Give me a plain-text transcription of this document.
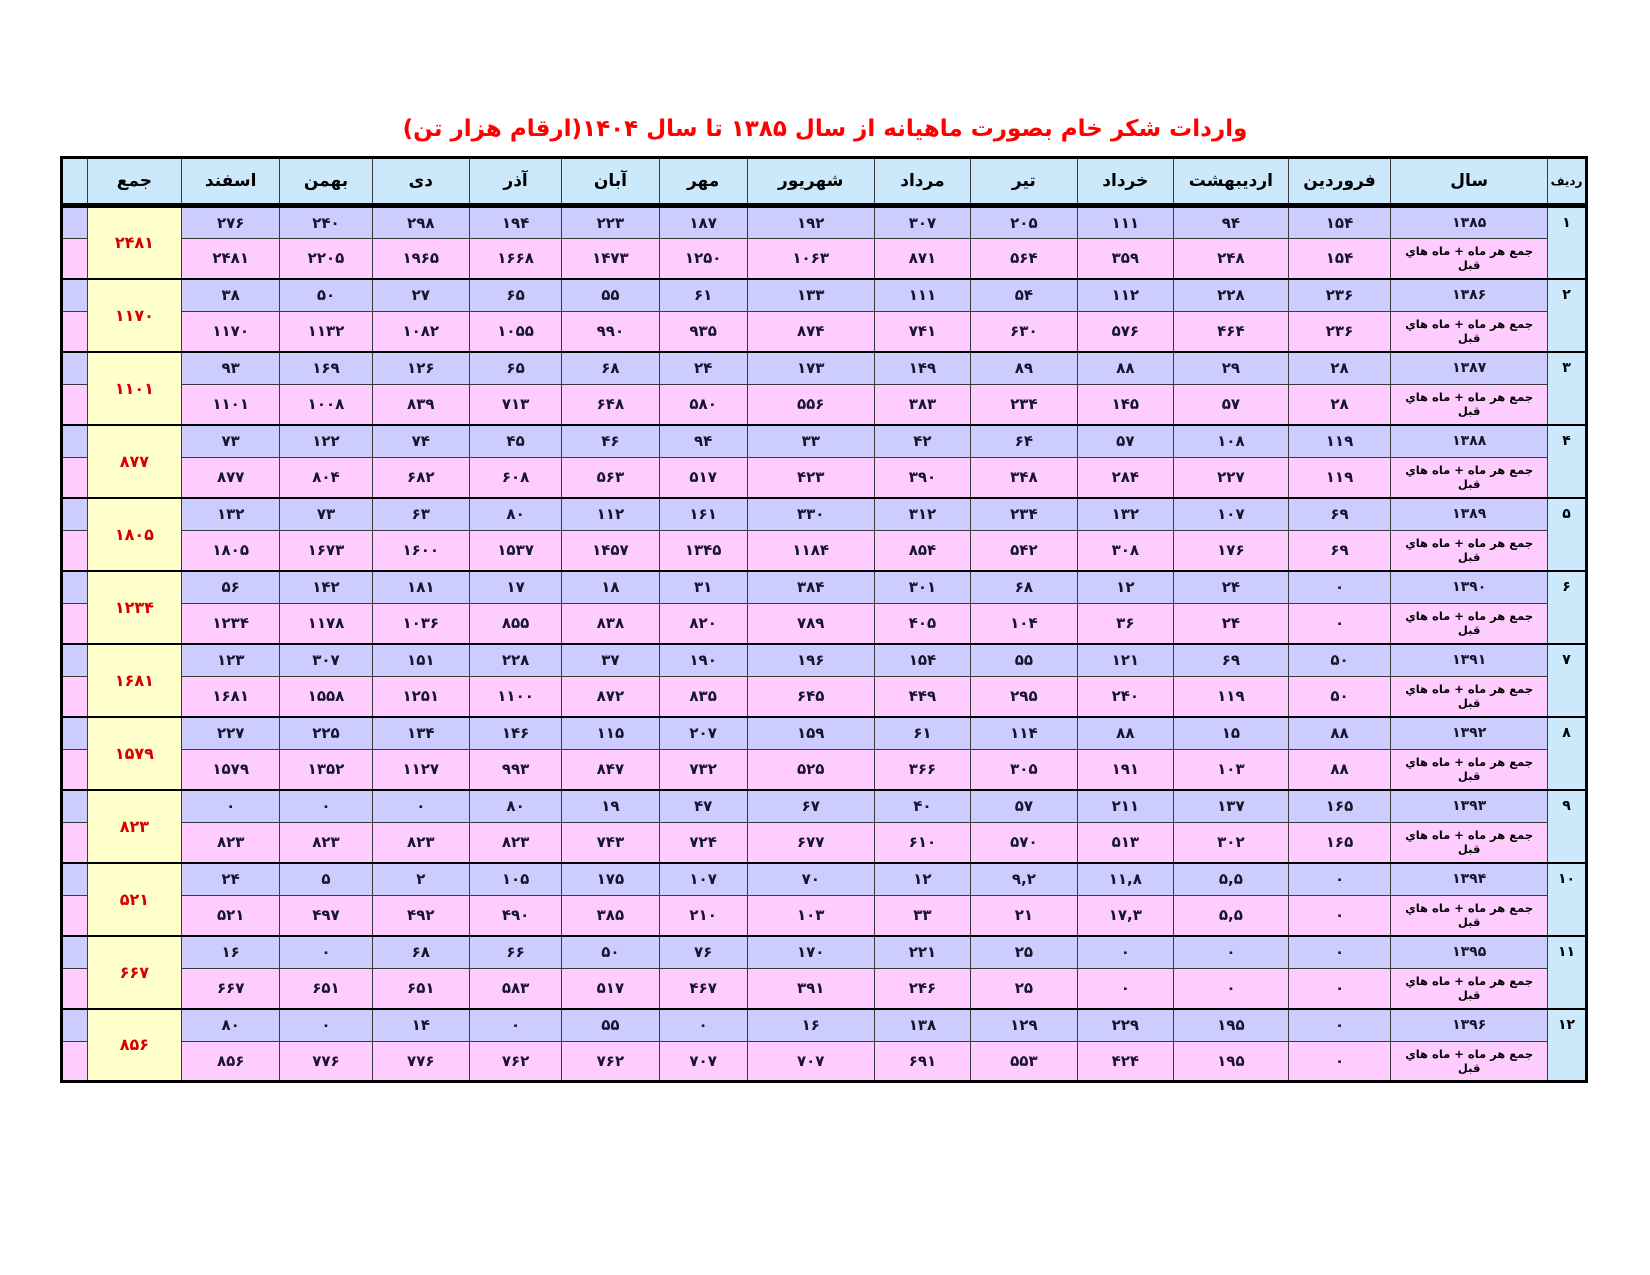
واردات شكر خام بصورت ماهيانه از سال ۱۳۸۵ تا سال ۱۴۰۴(ارقام هزار تن)
رديف	سال	فروردين	ارديبهشت	خرداد	تير	مرداد	شهريور	مهر	آبان	آذر	دى	بهمن	اسفند	جمع	
۱	۱۳۸۵	۱۵۴	۹۴	۱۱۱	۲۰۵	۳۰۷	۱۹۲	۱۸۷	۲۲۳	۱۹۴	۲۹۸	۲۴۰	۲۷۶	۲۴۸۱	
	جمع هر ماه + ماه هاي قبل	۱۵۴	۲۴۸	۳۵۹	۵۶۴	۸۷۱	۱۰۶۳	۱۲۵۰	۱۴۷۳	۱۶۶۸	۱۹۶۵	۲۲۰۵	۲۴۸۱		
۲	۱۳۸۶	۲۳۶	۲۲۸	۱۱۲	۵۴	۱۱۱	۱۳۳	۶۱	۵۵	۶۵	۲۷	۵۰	۳۸	۱۱۷۰	
	جمع هر ماه + ماه هاي قبل	۲۳۶	۴۶۴	۵۷۶	۶۳۰	۷۴۱	۸۷۴	۹۳۵	۹۹۰	۱۰۵۵	۱۰۸۲	۱۱۳۲	۱۱۷۰		
۳	۱۳۸۷	۲۸	۲۹	۸۸	۸۹	۱۴۹	۱۷۳	۲۴	۶۸	۶۵	۱۲۶	۱۶۹	۹۳	۱۱۰۱	
	جمع هر ماه + ماه هاي قبل	۲۸	۵۷	۱۴۵	۲۳۴	۳۸۳	۵۵۶	۵۸۰	۶۴۸	۷۱۳	۸۳۹	۱۰۰۸	۱۱۰۱		
۴	۱۳۸۸	۱۱۹	۱۰۸	۵۷	۶۴	۴۲	۳۳	۹۴	۴۶	۴۵	۷۴	۱۲۲	۷۳	۸۷۷	
	جمع هر ماه + ماه هاي قبل	۱۱۹	۲۲۷	۲۸۴	۳۴۸	۳۹۰	۴۲۳	۵۱۷	۵۶۳	۶۰۸	۶۸۲	۸۰۴	۸۷۷		
۵	۱۳۸۹	۶۹	۱۰۷	۱۳۲	۲۳۴	۳۱۲	۳۳۰	۱۶۱	۱۱۲	۸۰	۶۳	۷۳	۱۳۲	۱۸۰۵	
	جمع هر ماه + ماه هاي قبل	۶۹	۱۷۶	۳۰۸	۵۴۲	۸۵۴	۱۱۸۴	۱۳۴۵	۱۴۵۷	۱۵۳۷	۱۶۰۰	۱۶۷۳	۱۸۰۵		
۶	۱۳۹۰	۰	۲۴	۱۲	۶۸	۳۰۱	۳۸۴	۳۱	۱۸	۱۷	۱۸۱	۱۴۲	۵۶	۱۲۳۴	
	جمع هر ماه + ماه هاي قبل	۰	۲۴	۳۶	۱۰۴	۴۰۵	۷۸۹	۸۲۰	۸۳۸	۸۵۵	۱۰۳۶	۱۱۷۸	۱۲۳۴		
۷	۱۳۹۱	۵۰	۶۹	۱۲۱	۵۵	۱۵۴	۱۹۶	۱۹۰	۳۷	۲۲۸	۱۵۱	۳۰۷	۱۲۳	۱۶۸۱	
	جمع هر ماه + ماه هاي قبل	۵۰	۱۱۹	۲۴۰	۲۹۵	۴۴۹	۶۴۵	۸۳۵	۸۷۲	۱۱۰۰	۱۲۵۱	۱۵۵۸	۱۶۸۱		
۸	۱۳۹۲	۸۸	۱۵	۸۸	۱۱۴	۶۱	۱۵۹	۲۰۷	۱۱۵	۱۴۶	۱۳۴	۲۲۵	۲۲۷	۱۵۷۹	
	جمع هر ماه + ماه هاي قبل	۸۸	۱۰۳	۱۹۱	۳۰۵	۳۶۶	۵۲۵	۷۳۲	۸۴۷	۹۹۳	۱۱۲۷	۱۳۵۲	۱۵۷۹		
۹	۱۳۹۳	۱۶۵	۱۳۷	۲۱۱	۵۷	۴۰	۶۷	۴۷	۱۹	۸۰	۰	۰	۰	۸۲۳	
	جمع هر ماه + ماه هاي قبل	۱۶۵	۳۰۲	۵۱۳	۵۷۰	۶۱۰	۶۷۷	۷۲۴	۷۴۳	۸۲۳	۸۲۳	۸۲۳	۸۲۳		
۱۰	۱۳۹۴	۰	۵,۵	۱۱,۸	۹,۲	۱۲	۷۰	۱۰۷	۱۷۵	۱۰۵	۲	۵	۲۴	۵۲۱	
	جمع هر ماه + ماه هاي قبل	۰	۵,۵	۱۷,۳	۲۱	۳۳	۱۰۳	۲۱۰	۳۸۵	۴۹۰	۴۹۲	۴۹۷	۵۲۱		
۱۱	۱۳۹۵	۰	۰	۰	۲۵	۲۲۱	۱۷۰	۷۶	۵۰	۶۶	۶۸	۰	۱۶	۶۶۷	
	جمع هر ماه + ماه هاي قبل	۰	۰	۰	۲۵	۲۴۶	۳۹۱	۴۶۷	۵۱۷	۵۸۳	۶۵۱	۶۵۱	۶۶۷		
۱۲	۱۳۹۶	۰	۱۹۵	۲۲۹	۱۲۹	۱۳۸	۱۶	۰	۵۵	۰	۱۴	۰	۸۰	۸۵۶	
	جمع هر ماه + ماه هاي قبل	۰	۱۹۵	۴۲۴	۵۵۳	۶۹۱	۷۰۷	۷۰۷	۷۶۲	۷۶۲	۷۷۶	۷۷۶	۸۵۶		
